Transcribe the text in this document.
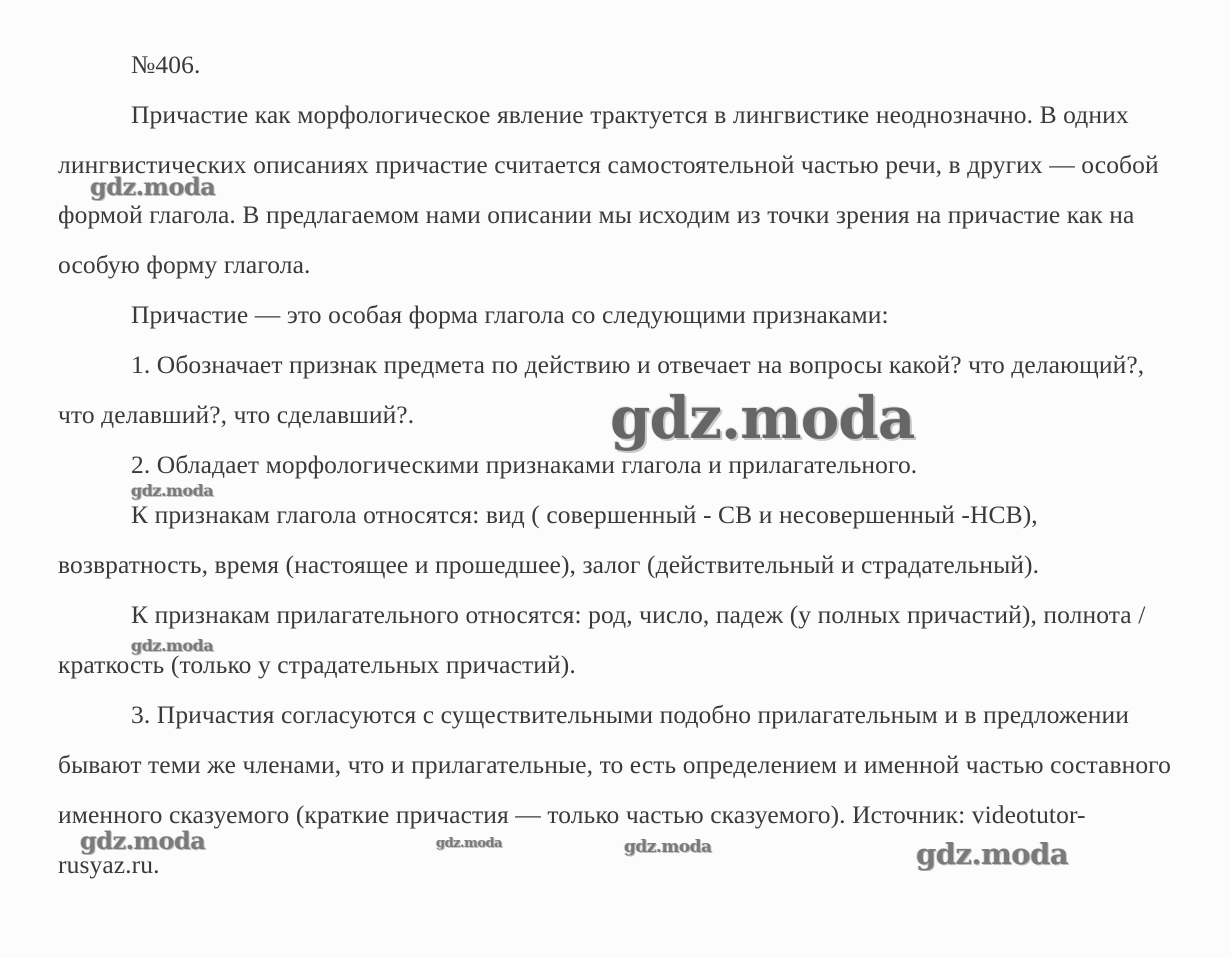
№406.

Причастие как морфологическое явление трактуется в лингвистике неоднозначно. В одних лингвистических описаниях причастие считается самостоятельной частью речи, в других — особой формой глагола. В предлагаемом нами описании мы исходим из точки зрения на причастие как на особую форму глагола.

Причастие — это особая форма глагола со следующими признаками:

1. Обозначает признак предмета по действию и отвечает на вопросы какой? что делающий?, что делавший?, что сделавший?.

2. Обладает морфологическими признаками глагола и прилагательного.

К признакам глагола относятся: вид ( совершенный - СВ и несовершенный -НСВ), возвратность, время (настоящее и прошедшее), залог (действительный и страдательный).

К признакам прилагательного относятся: род, число, падеж (у полных причастий), полнота / краткость (только у страдательных причастий).

3. Причастия согласуются с существительными подобно прилагательным и в предложении бывают теми же членами, что и прилагательные, то есть определением и именной частью составного именного сказуемого (краткие причастия — только частью сказуемого). Источник: videotutor-rusyaz.ru.

gdz.moda
gdz.moda
gdz.moda
gdz.moda
gdz.moda	gdz.moda	gdz.moda	gdz.moda
